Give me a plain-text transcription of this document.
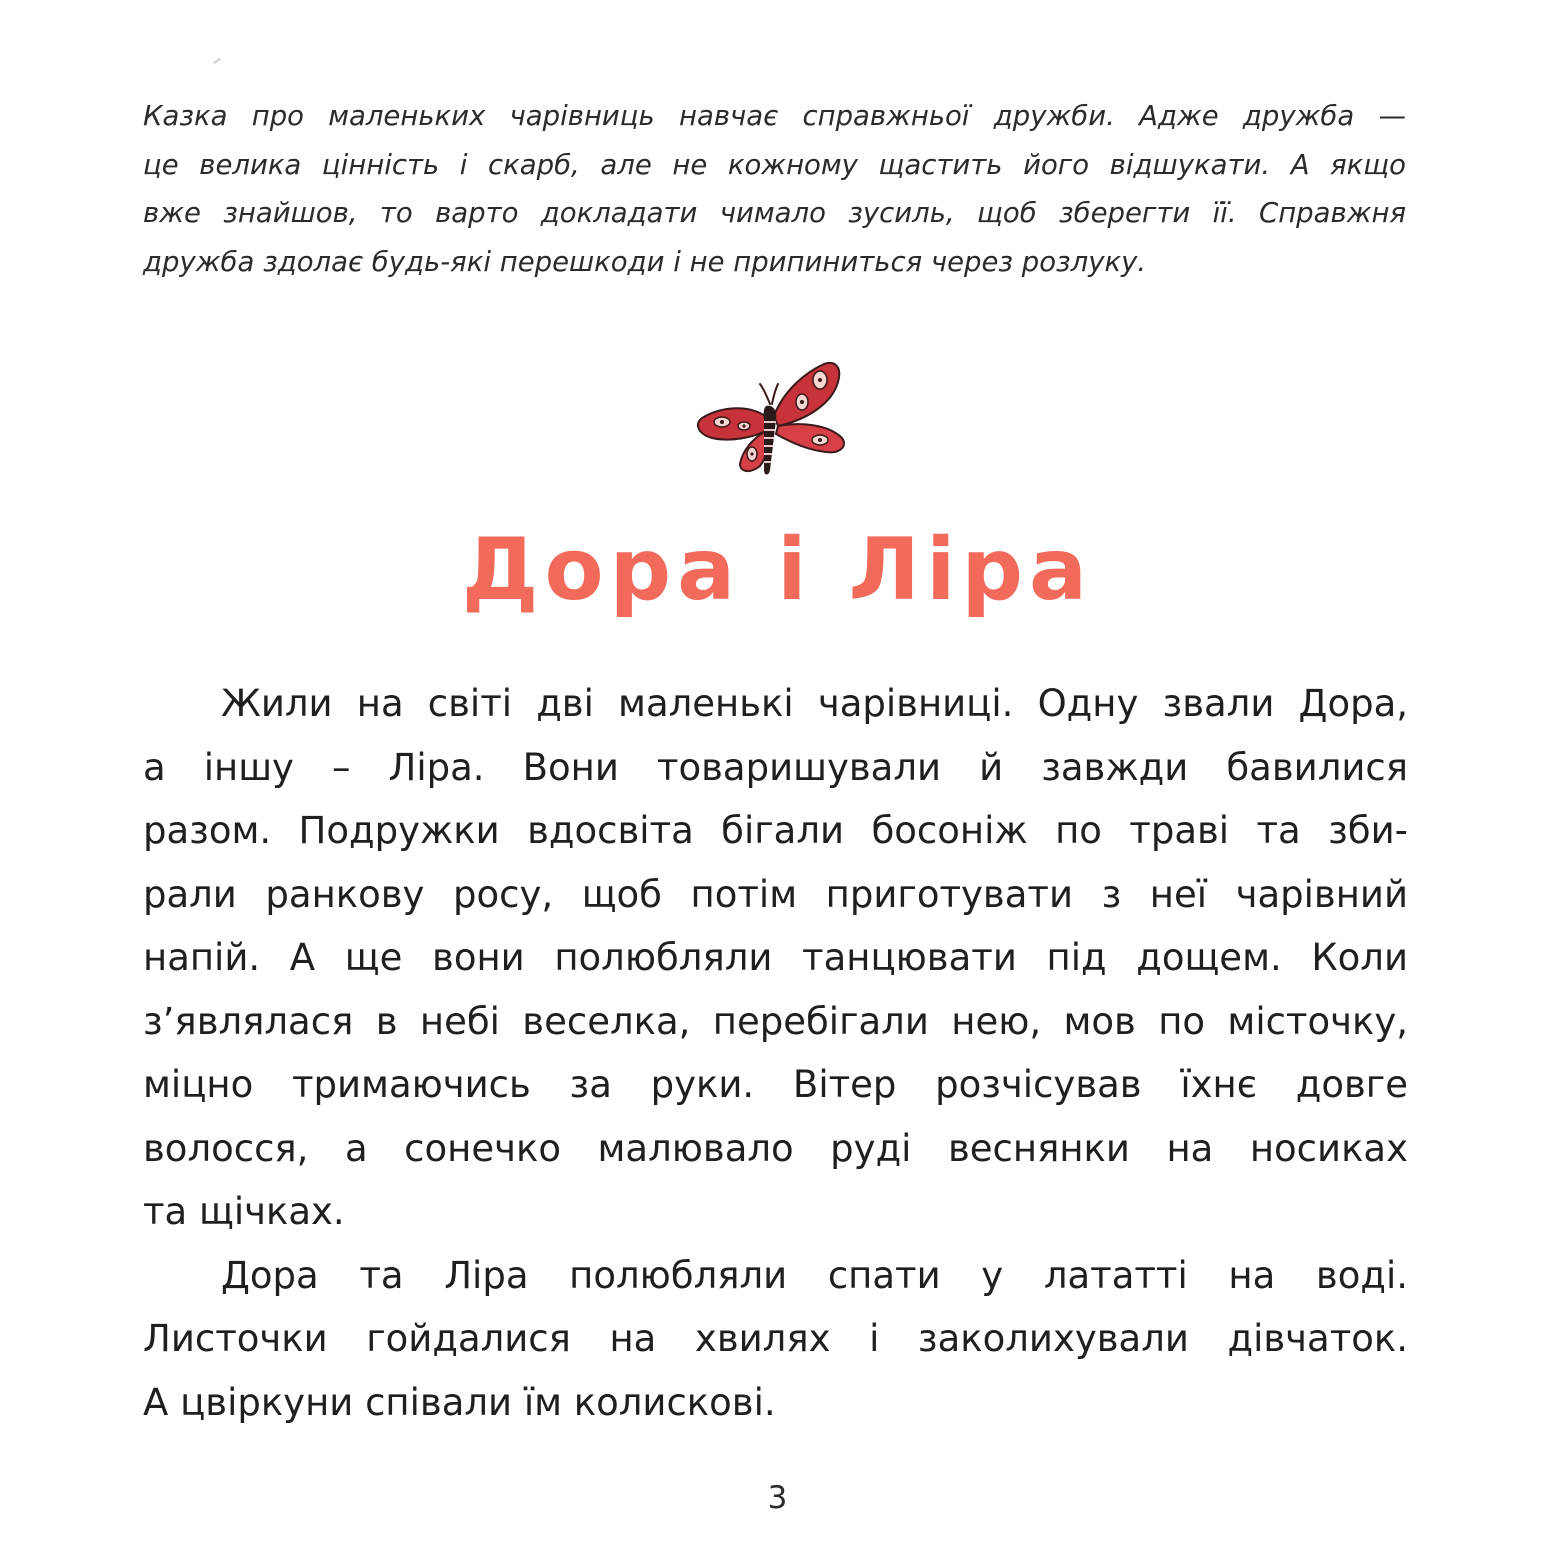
Казка про маленьких чарівниць навчає справжньої дружби. Адже дружба —
це велика цінність і скарб, але не кожному щастить його відшукати. А якщо
вже знайшов, то варто докладати чимало зусиль, щоб зберегти її. Справжня
дружба здолає будь-які перешкоди і не припиниться через розлуку.

Дора і Ліра
Жили на світі дві маленькі чарівниці. Одну звали Дора,
а іншу – Ліра. Вони товаришували й завжди бавилися
разом. Подружки вдосвіта бігали босоніж по траві та зби-
рали ранкову росу, щоб потім приготувати з неї чарівний
напій. А ще вони полюбляли танцювати під дощем. Коли
з’являлася в небі веселка, перебігали нею, мов по місточку,
міцно тримаючись за руки. Вітер розчісував їхнє довге
волосся, а сонечко малювало руді веснянки на носиках
та щічках.
Дора та Ліра полюбляли спати у лататті на воді.
Листочки гойдалися на хвилях і заколихували дівчаток.
А цвіркуни співали їм колискові.
3
